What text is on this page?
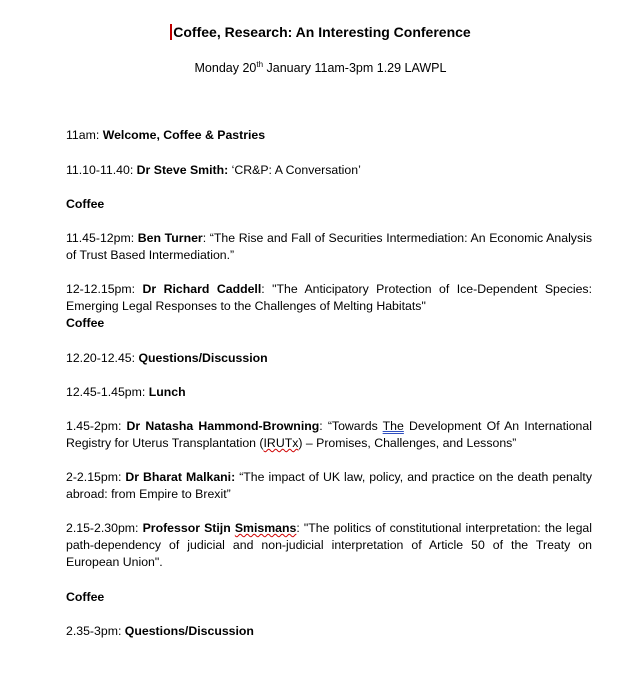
Coffee, Research: An Interesting Conference
Monday 20th January 11am-3pm 1.29 LAWPL
11am: Welcome, Coffee & Pastries
11.10-11.40: Dr Steve Smith: ‘CR&P: A Conversation’
Coffee
11.45-12pm: Ben Turner: “The Rise and Fall of Securities Intermediation: An Economic Analysis of Trust Based Intermediation.”
12-12.15pm: Dr Richard Caddell: "The Anticipatory Protection of Ice-Dependent Species: Emerging Legal Responses to the Challenges of Melting Habitats"
Coffee
12.20-12.45: Questions/Discussion
12.45-1.45pm: Lunch
1.45-2pm: Dr Natasha Hammond-Browning: “Towards The Development Of An International Registry for Uterus Transplantation (IRUTx) – Promises, Challenges, and Lessons”
2-2.15pm: Dr Bharat Malkani: “The impact of UK law, policy, and practice on the death penalty abroad: from Empire to Brexit”
2.15-2.30pm: Professor Stijn Smismans: "The politics of constitutional interpretation: the legal path-dependency of judicial and non-judicial interpretation of Article 50 of the Treaty on European Union".
Coffee
2.35-3pm: Questions/Discussion
